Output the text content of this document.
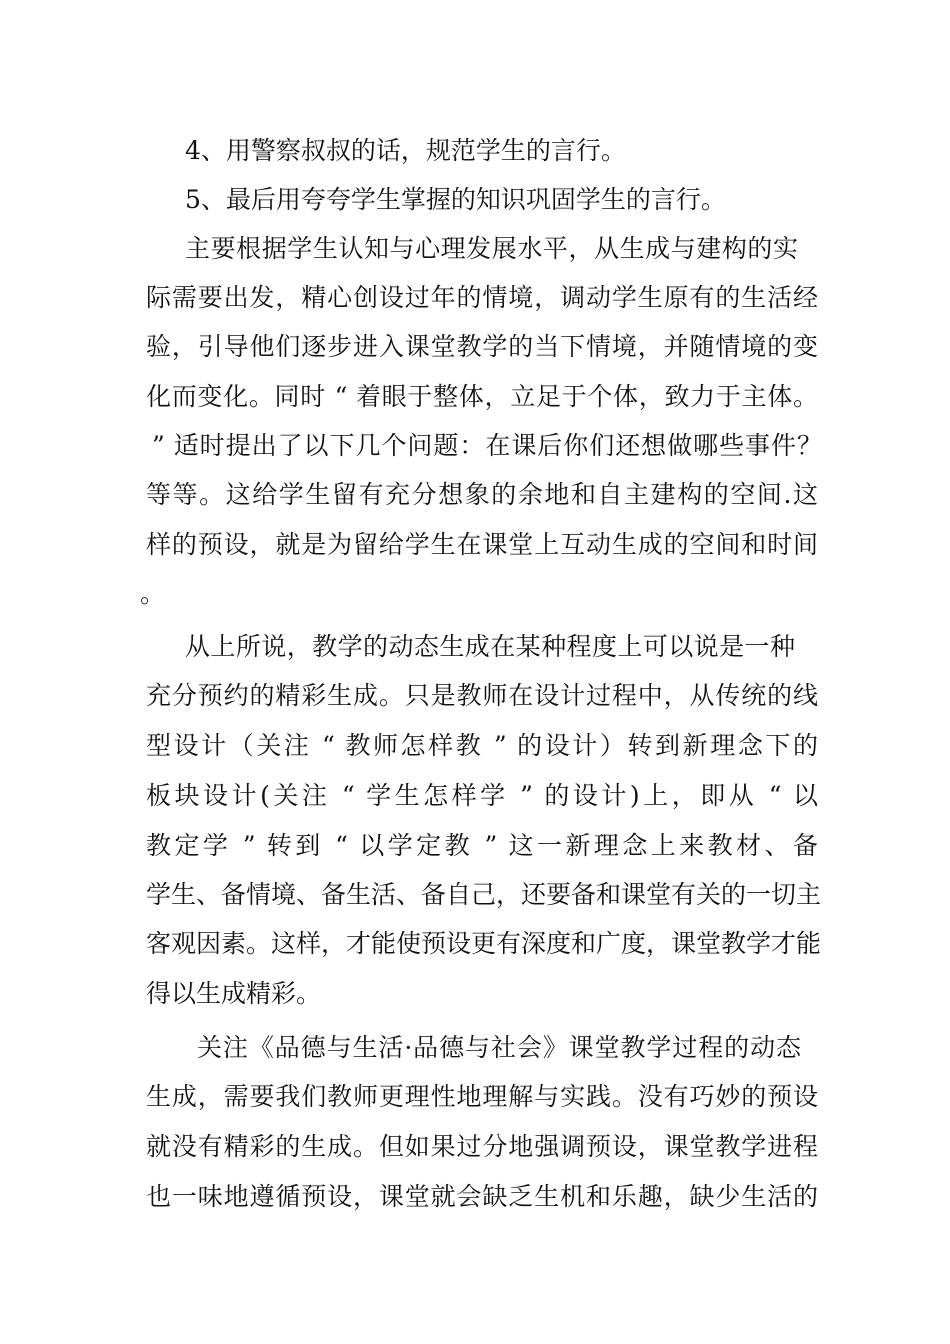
4、用警察叔叔的话，规范学生的言行。
5、最后用夸夸学生掌握的知识巩固学生的言行。
主要根据学生认知与心理发展水平，从生成与建构的实
际需要出发，精心创设过年的情境，调动学生原有的生活经
验，引导他们逐步进入课堂教学的当下情境，并随情境的变
化而变化。同时 “ 着眼于整体，立足于个体，致力于主体。
” 适时提出了以下几个问题：在课后你们还想做哪些事件？
等等。这给学生留有充分想象的余地和自主建构的空间.这
样的预设，就是为留给学生在课堂上互动生成的空间和时间
。
从上所说，教学的动态生成在某种程度上可以说是一种
充分预约的精彩生成。只是教师在设计过程中，从传统的线
型设计（关注 “ 教师怎样教 ” 的设计）转到新理念下的
板块设计(关注 “ 学生怎样学 ” 的设计)上，即从 “ 以
教定学 ” 转到 “ 以学定教 ” 这一新理念上来教材、备
学生、备情境、备生活、备自己，还要备和课堂有关的一切主
客观因素。这样，才能使预设更有深度和广度，课堂教学才能
得以生成精彩。
关注《品德与生活·品德与社会》课堂教学过程的动态
生成，需要我们教师更理性地理解与实践。没有巧妙的预设
就没有精彩的生成。但如果过分地强调预设，课堂教学进程
也一味地遵循预设，课堂就会缺乏生机和乐趣，缺少生活的
